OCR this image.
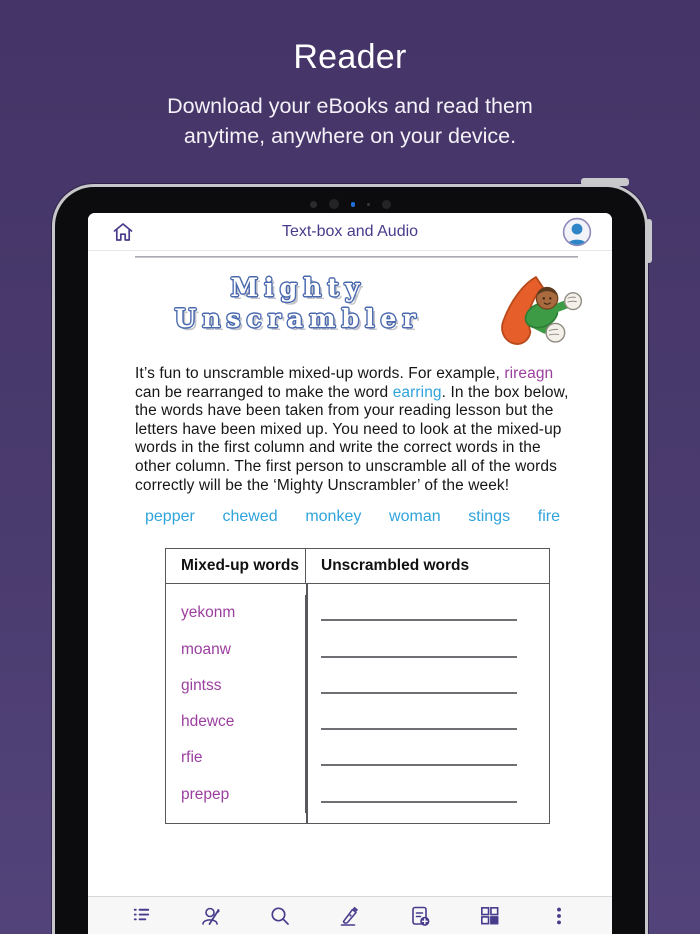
Reader
Download your eBooks and read them
anytime, anywhere on your device.
Text-box and Audio
Mighty
Unscrambler
It’s fun to unscramble mixed-up words. For example, rireagn can be rearranged to make the word earring. In the box below, the words have been taken from your reading lesson but the letters have been mixed up. You need to look at the mixed-up words in the first column and write the correct words in the other column. The first person to unscramble all of the words correctly will be the ‘Mighty Unscrambler’ of the week!
pepper chewed monkey woman stings fire
Mixed-up words	Unscrambled words
yekonm
moanw
gintss
hdewce
rfie
prepep
